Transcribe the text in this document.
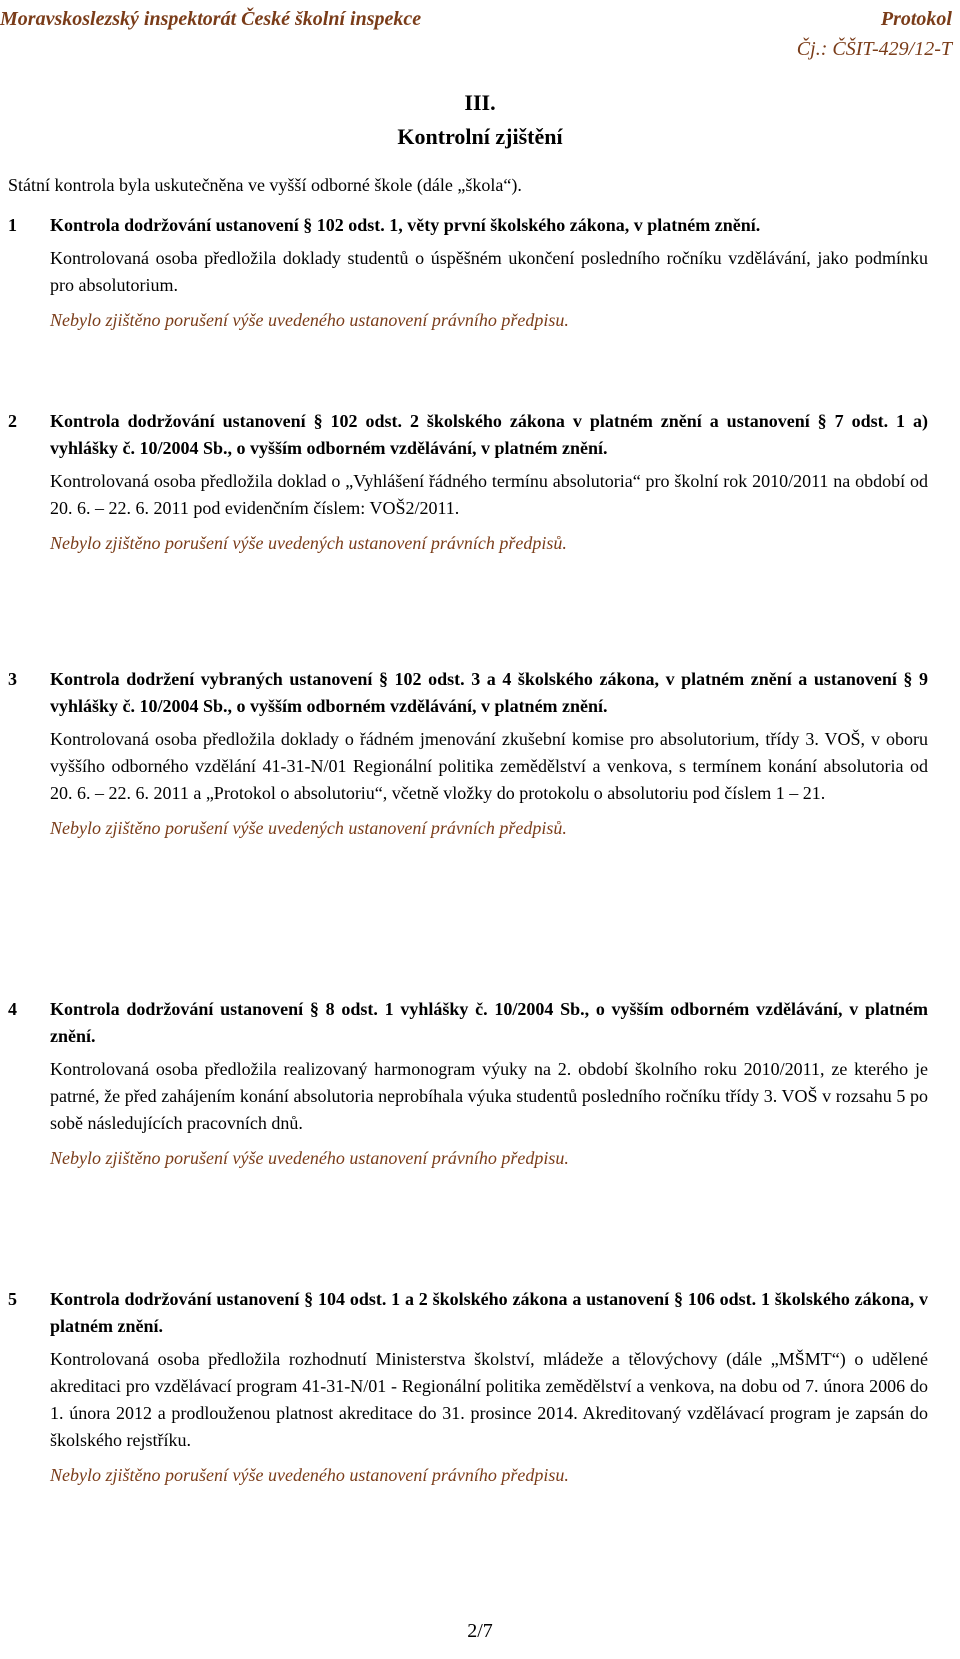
Moravskoslezský inspektorát České školní inspekce	Protokol
Čj.: ČŠIT-429/12-T
III.
Kontrolní zjištění
Státní kontrola byla uskutečněna ve vyšší odborné škole (dále „škola“).
1	Kontrola dodržování ustanovení § 102 odst. 1, věty první školského zákona, v platném znění.
Kontrolovaná osoba předložila doklady studentů o úspěšném ukončení posledního ročníku vzdělávání, jako podmínku pro absolutorium.
Nebylo zjištěno porušení výše uvedeného ustanovení právního předpisu.
2	Kontrola dodržování ustanovení § 102 odst. 2 školského zákona v platném znění a ustanovení § 7 odst. 1 a) vyhlášky č. 10/2004 Sb., o vyšším odborném vzdělávání, v platném znění.
Kontrolovaná osoba předložila doklad o „Vyhlášení řádného termínu absolutoria“ pro školní rok 2010/2011 na období od 20. 6. – 22. 6. 2011 pod evidenčním číslem: VOŠ2/2011.
Nebylo zjištěno porušení výše uvedených ustanovení právních předpisů.
3	Kontrola dodržení vybraných ustanovení § 102 odst. 3 a 4 školského zákona, v platném znění a ustanovení § 9 vyhlášky č. 10/2004 Sb., o vyšším odborném vzdělávání, v platném znění.
Kontrolovaná osoba předložila doklady o řádném jmenování zkušební komise pro absolutorium, třídy 3. VOŠ, v oboru vyššího odborného vzdělání 41-31-N/01 Regionální politika zemědělství a venkova, s termínem konání absolutoria od 20. 6. – 22. 6. 2011 a „Protokol o absolutoriu“, včetně vložky do protokolu o absolutoriu pod číslem 1 – 21.
Nebylo zjištěno porušení výše uvedených ustanovení právních předpisů.
4	Kontrola dodržování ustanovení § 8 odst. 1 vyhlášky č. 10/2004 Sb., o vyšším odborném vzdělávání, v platném znění.
Kontrolovaná osoba předložila realizovaný harmonogram výuky na 2. období školního roku 2010/2011, ze kterého je patrné, že před zahájením konání absolutoria neprobíhala výuka studentů posledního ročníku třídy 3. VOŠ v rozsahu 5 po sobě následujících pracovních dnů.
Nebylo zjištěno porušení výše uvedeného ustanovení právního předpisu.
5	Kontrola dodržování ustanovení § 104 odst. 1 a 2 školského zákona a ustanovení § 106 odst. 1 školského zákona, v platném znění.
Kontrolovaná osoba předložila rozhodnutí Ministerstva školství, mládeže a tělovýchovy (dále „MŠMT“) o udělené akreditaci pro vzdělávací program 41-31-N/01 - Regionální politika zemědělství a venkova, na dobu od 7. února 2006 do 1. února 2012 a prodlouženou platnost akreditace do 31. prosince 2014. Akreditovaný vzdělávací program je zapsán do školského rejstříku.
Nebylo zjištěno porušení výše uvedeného ustanovení právního předpisu.
2/7
